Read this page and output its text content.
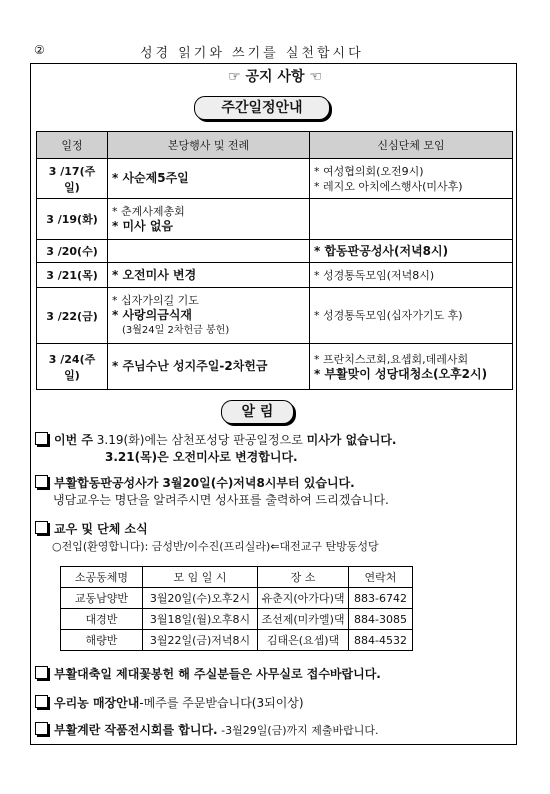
②	성경 읽기와 쓰기를 실천합시다
☞ 공지 사항 ☜
주간일정안내
일정	본당행사 및 전례	신심단체 모임
3 /17(주일)	* 사순제5주일	* 여성협의회(오전9시)
* 레지오 아치에스행사(미사후)

3 /19(화)	* 춘계사제총회
* 미사 없음	

3 /20(수)		* 합동판공성사(저녁8시)

3 /21(목)	* 오전미사 변경	* 성경통독모임(저녁8시)

3 /22(금)	* 십자가의길 기도
* 사랑의금식재
(3월24일 2차헌금 봉헌)	* 성경통독모임(십자가기도 후)

3 /24(주일)	* 주님수난 성지주일-2차헌금	* 프란치스코회,요셉회,데레사회
* 부활맞이 성당대청소(오후2시)
알 림
이번 주 3.19(화)에는 삼천포성당 판공일정으로 미사가 없습니다.
3.21(목)은 오전미사로 변경합니다.
부활합동판공성사가 3월20일(수)저녁8시부터 있습니다.
냉담교우는 명단을 알려주시면 성사표를 출력하여 드리겠습니다.
교우 및 단체 소식
○전입(환영합니다): 금성반/이수진(프리실라)⇐대전교구 탄방동성당
소공동체명	모 임 일 시	장 소	연락처
교동남양반	3월20일(수)오후2시	유춘지(아가다)댁	883-6742
대경반	3월18일(월)오후8시	조선제(미카엘)댁	884-3085
해량반	3월22일(금)저녁8시	김태은(요셉)댁	884-4532
부활대축일 제대꽃봉헌 해 주실분들은 사무실로 접수바랍니다.
우리농 매장안내-메주를 주문받습니다(3되이상)
부활계란 작품전시회를 합니다. -3월29일(금)까지 제출바랍니다.
